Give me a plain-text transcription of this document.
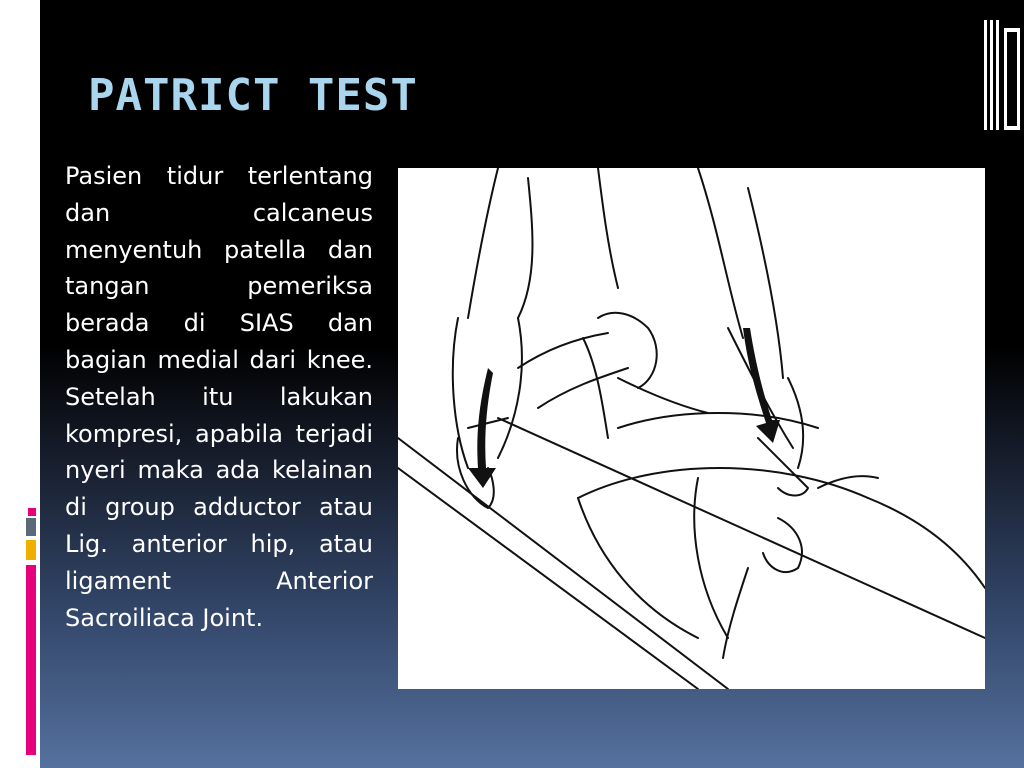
PATRICT TEST

Pasien tidur terlentang dan calcaneus menyentuh patella dan tangan pemeriksa berada di SIAS dan bagian medial dari knee. Setelah itu lakukan kompresi, apabila terjadi nyeri maka ada kelainan di group adductor atau Lig. anterior hip, atau ligament Anterior Sacroiliaca Joint.
